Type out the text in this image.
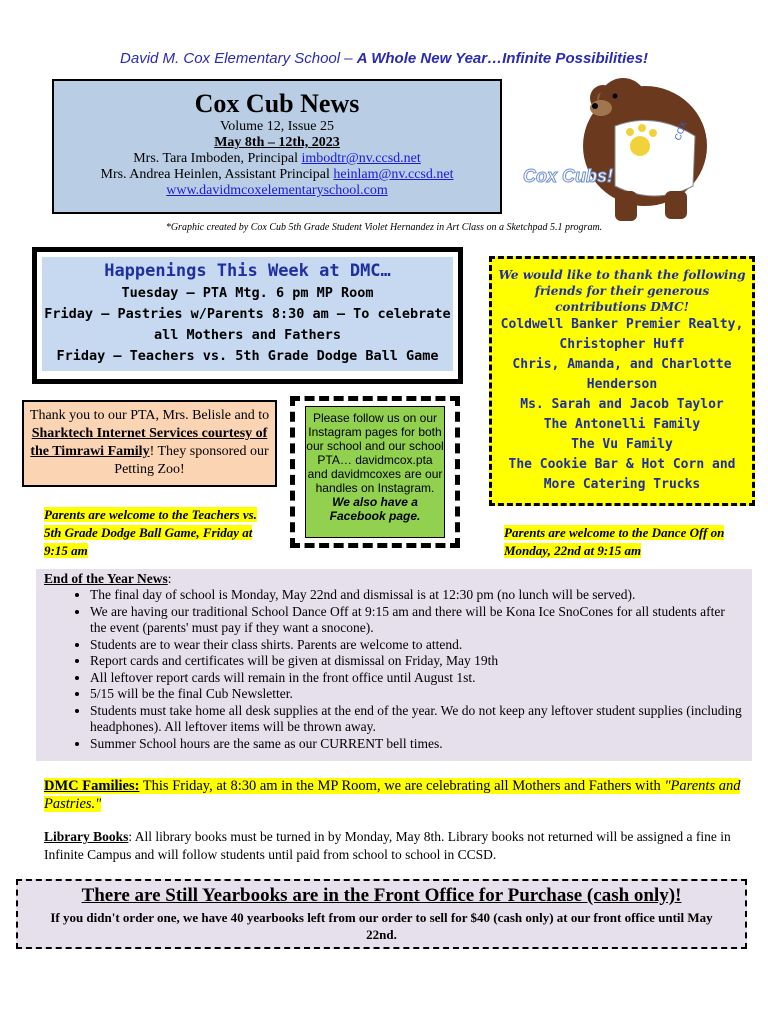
David M. Cox Elementary School – A Whole New Year…Infinite Possibilities!
Cox Cub News
Volume 12, Issue 25
May 8th – 12th, 2023
Mrs. Tara Imboden, Principal imbodtr@nv.ccsd.net
Mrs. Andrea Heinlen, Assistant Principal heinlam@nv.ccsd.net
www.davidmcoxelementaryschool.com
COX
Cox Cubs!
*Graphic created by Cox Cub 5th Grade Student Violet Hernandez in Art Class on a Sketchpad 5.1 program.
Happenings This Week at DMC…
Tuesday – PTA Mtg. 6 pm MP Room
Friday – Pastries w/Parents 8:30 am – To celebrate all Mothers and Fathers
Friday – Teachers vs. 5th Grade Dodge Ball Game
We would like to thank the following friends for their generous contributions DMC!
Coldwell Banker Premier Realty, Christopher Huff
Chris, Amanda, and Charlotte Henderson
Ms. Sarah and Jacob Taylor
The Antonelli Family
The Vu Family
The Cookie Bar & Hot Corn and More Catering Trucks
Thank you to our PTA, Mrs. Belisle and to Sharktech Internet Services courtesy of the Timrawi Family! They sponsored our Petting Zoo!
Please follow us on our Instagram pages for both our school and our school PTA… davidmcox.pta and davidmcoxes are our handles on Instagram.
We also have a Facebook page.
Parents are welcome to the Teachers vs. 5th Grade Dodge Ball Game, Friday at 9:15 am
Parents are welcome to the Dance Off on Monday, 22nd at 9:15 am
End of the Year News:
• The final day of school is Monday, May 22nd and dismissal is at 12:30 pm (no lunch will be served).
• We are having our traditional School Dance Off at 9:15 am and there will be Kona Ice SnoCones for all students after the event (parents' must pay if they want a snocone).
• Students are to wear their class shirts. Parents are welcome to attend.
• Report cards and certificates will be given at dismissal on Friday, May 19th
• All leftover report cards will remain in the front office until August 1st.
• 5/15 will be the final Cub Newsletter.
• Students must take home all desk supplies at the end of the year. We do not keep any leftover student supplies (including headphones). All leftover items will be thrown away.
• Summer School hours are the same as our CURRENT bell times.
DMC Families: This Friday, at 8:30 am in the MP Room, we are celebrating all Mothers and Fathers with "Parents and Pastries."
Library Books: All library books must be turned in by Monday, May 8th. Library books not returned will be assigned a fine in Infinite Campus and will follow students until paid from school to school in CCSD.
There are Still Yearbooks are in the Front Office for Purchase (cash only)!
If you didn't order one, we have 40 yearbooks left from our order to sell for $40 (cash only) at our front office until May 22nd.
